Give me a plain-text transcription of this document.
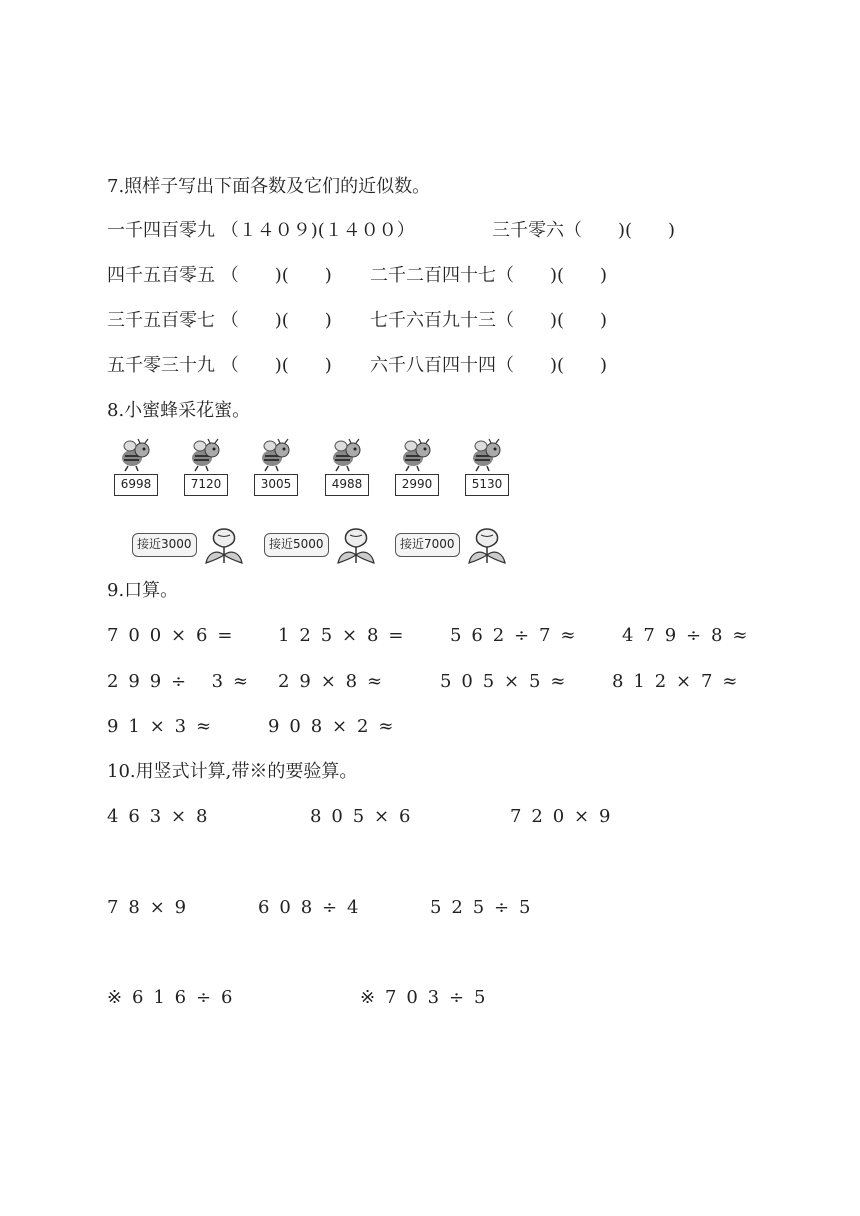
7.照样子写出下面各数及它们的近似数。
一千四百零九 （１４０９)(１４００）	三千零六（　　)(　　)
四千五百零五 （　　)(　　) 二千二百四十七（　　)(　　)
三千五百零七 （　　)(　　) 七千六百九十三（　　)(　　)
五千零三十九 （　　)(　　) 六千八百四十四（　　)(　　)
8.小蜜蜂采花蜜。
6998	7120	3005	4988	2990	5130
接近3000	接近5000	接近7000
9.口算。
700×6= 125×8= 562÷7≈ 479÷8≈
299÷ 3≈ 29×8≈	505×5≈ 812×7≈
91×3≈	908×2≈
10.用竖式计算,带※的要验算。
463×8	805×6	720×9
78×9	608÷4	525÷5
※616÷6	※703÷5
